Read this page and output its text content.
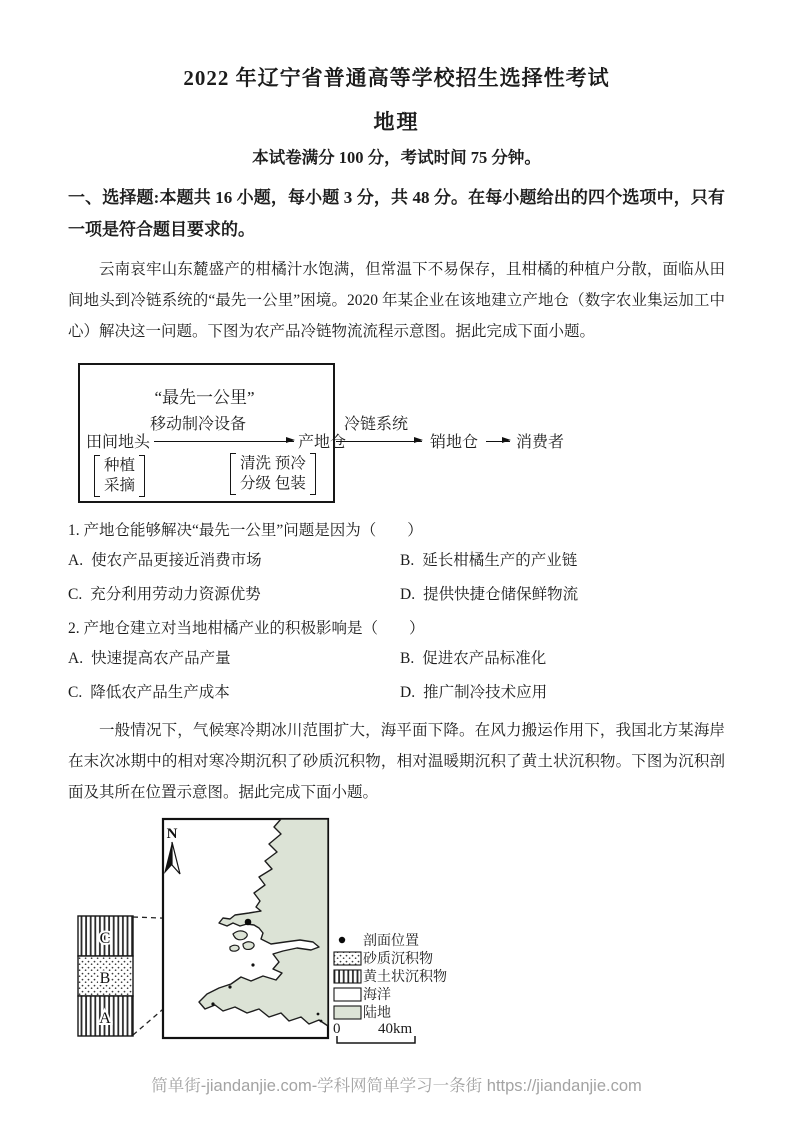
2022 年辽宁省普通高等学校招生选择性考试
地理
本试卷满分 100 分，考试时间 75 分钟。
一、选择题:本题共 16 小题，每小题 3 分，共 48 分。在每小题给出的四个选项中，只有一项是符合题目要求的。

云南哀牢山东麓盛产的柑橘汁水饱满，但常温下不易保存，且柑橘的种植户分散，面临从田间地头到冷链系统的“最先一公里”困境。2020 年某企业在该地建立产地仓（数字农业集运加工中心）解决这一问题。下图为农产品冷链物流流程示意图。据此完成下面小题。

“最先一公里”
移动制冷设备
田间地头	产地仓
种植
采摘
清洗 预冷
分级 包装
冷链系统
销地仓 消费者
1. 产地仓能够解决“最先一公里”问题是因为（　　）
A. 使农产品更接近消费市场	B. 延长柑橘生产的产业链
C. 充分利用劳动力资源优势	D. 提供快捷仓储保鲜物流
2. 产地仓建立对当地柑橘产业的积极影响是（　　）
A. 快速提高农产品产量	B. 促进农产品标准化
C. 降低农产品生产成本	D. 推广制冷技术应用

一般情况下，气候寒冷期冰川范围扩大，海平面下降。在风力搬运作用下，我国北方某海岸在末次冰期中的相对寒冷期沉积了砂质沉积物，相对温暖期沉积了黄土状沉积物。下图为沉积剖面及其所在位置示意图。据此完成下面小题。

C
B
A
N
剖面位置
砂质沉积物
黄土状沉积物
海洋
陆地
0	40km
简单街-jiandanjie.com-学科网简单学习一条街 https://jiandanjie.com
